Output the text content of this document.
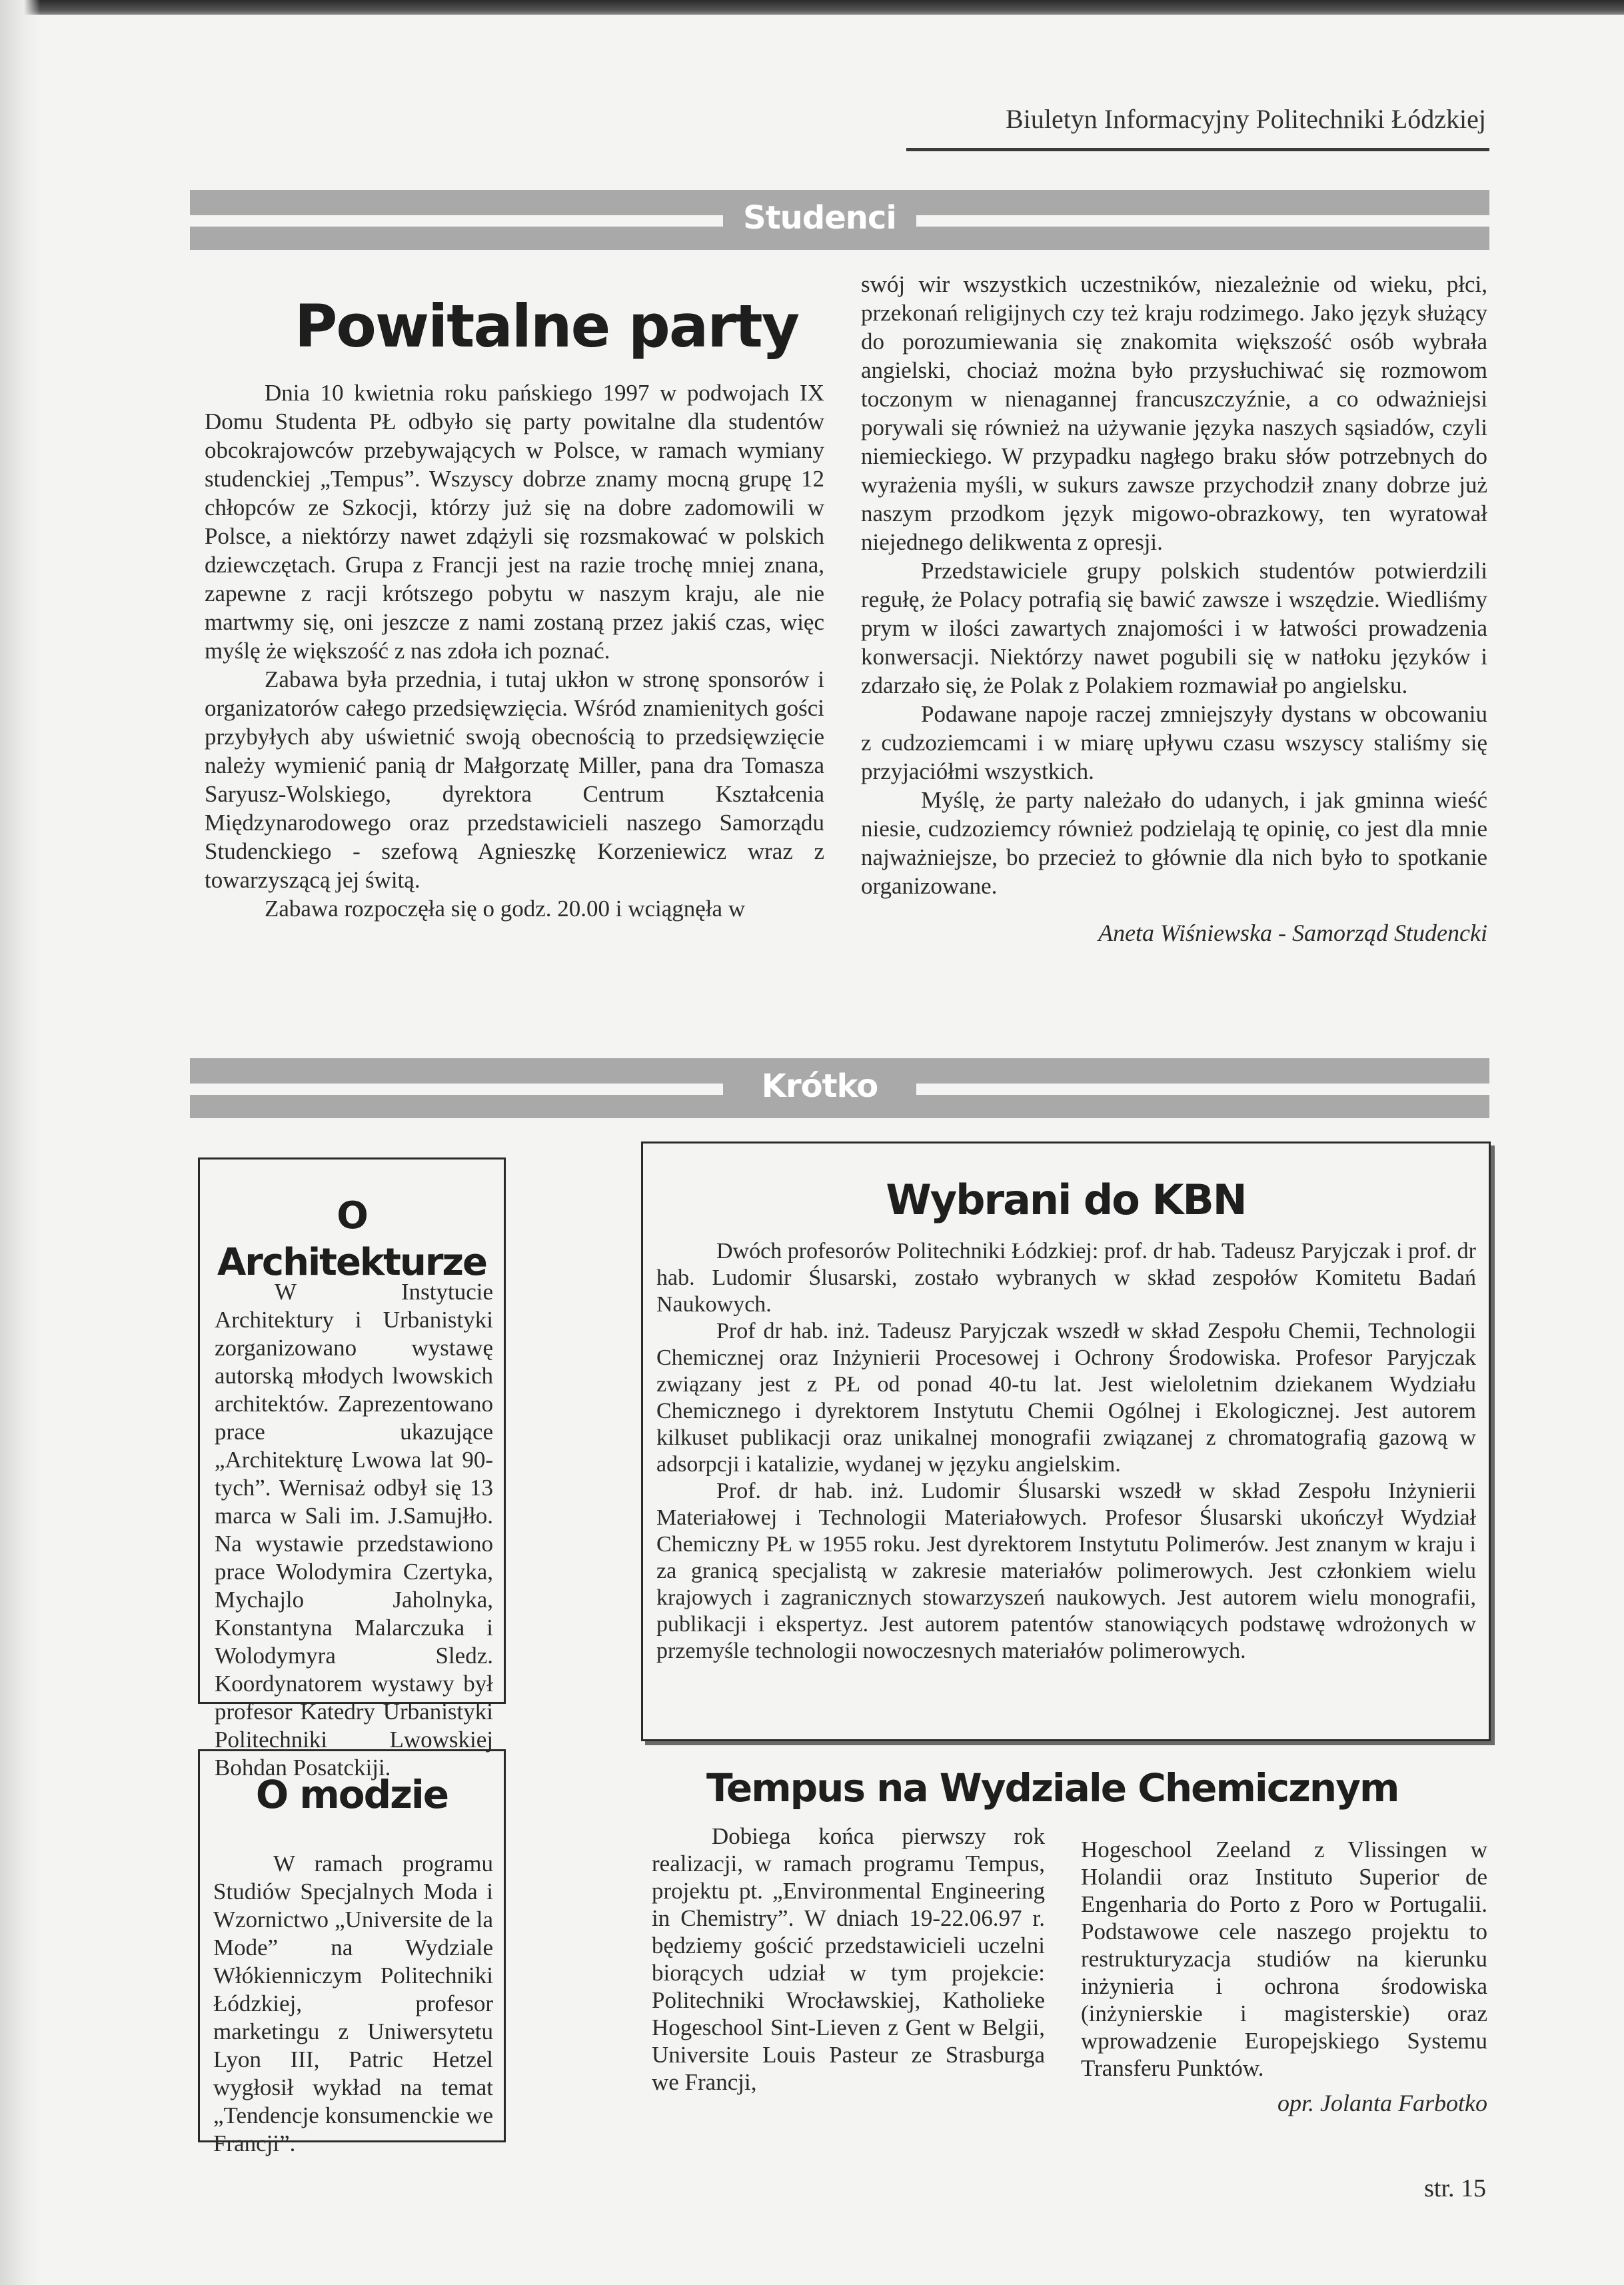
Biuletyn Informacyjny Politechniki Łódzkiej
Studenci
Powitalne party

Dnia 10 kwietnia roku pańskiego 1997 w podwojach IX Domu Studenta PŁ odbyło się party powitalne dla studentów obcokrajowców przebywających w Polsce, w ramach wymiany studenckiej „Tempus”. Wszyscy dobrze znamy mocną grupę 12 chłopców ze Szkocji, którzy już się na dobre zadomowili w Polsce, a niektórzy nawet zdążyli się rozsmakować w polskich dziewczętach. Grupa z Francji jest na razie trochę mniej znana, zapewne z racji krótszego pobytu w naszym kraju, ale nie martwmy się, oni jeszcze z nami zostaną przez jakiś czas, więc myślę że większość z nas zdoła ich poznać.

Zabawa była przednia, i tutaj ukłon w stronę sponsorów i organizatorów całego przedsięwzięcia. Wśród znamienitych gości przybyłych aby uświetnić swoją obecnością to przedsięwzięcie należy wymienić panią dr Małgorzatę Miller, pana dra Tomasza Saryusz-Wolskiego, dyrektora Centrum Kształcenia Międzynarodowego oraz przedstawicieli naszego Samorządu Studenckiego - szefową Agnieszkę Korzeniewicz wraz z towarzyszącą jej świtą.

Zabawa rozpoczęła się o godz. 20.00 i wciągnęła w

swój wir wszystkich uczestników, niezależnie od wieku, płci, przekonań religijnych czy też kraju rodzimego. Jako język służący do porozumiewania się znakomita większość osób wybrała angielski, chociaż można było przysłuchiwać się rozmowom toczonym w nienagannej francuszczyźnie, a co odważniejsi porywali się również na używanie języka naszych sąsiadów, czyli niemieckiego. W przypadku nagłego braku słów potrzebnych do wyrażenia myśli, w sukurs zawsze przychodził znany dobrze już naszym przodkom język migowo-obrazkowy, ten wyratował niejednego delikwenta z opresji.

Przedstawiciele grupy polskich studentów potwierdzili regułę, że Polacy potrafią się bawić zawsze i wszędzie. Wiedliśmy prym w ilości zawartych znajomości i w łatwości prowadzenia konwersacji. Niektórzy nawet pogubili się w natłoku języków i zdarzało się, że Polak z Polakiem rozmawiał po angielsku.

Podawane napoje raczej zmniejszyły dystans w obcowaniu z cudzoziemcami i w miarę upływu czasu wszyscy staliśmy się przyjaciółmi wszystkich.

Myślę, że party należało do udanych, i jak gminna wieść niesie, cudzoziemcy również podzielają tę opinię, co jest dla mnie najważniejsze, bo przecież to głównie dla nich było to spotkanie organizowane.

Aneta Wiśniewska - Samorząd Studencki
Krótko
O Architekturze

W Instytucie Architektury i Urbanistyki zorganizowano wystawę autorską młodych lwowskich architektów. Zaprezentowano prace ukazujące „Architekturę Lwowa lat 90-tych”. Wernisaż odbył się 13 marca w Sali im. J.Samujłło. Na wystawie przedstawiono prace Wolodymira Czertyka, Mychajlo Jaholnyka, Konstantyna Malarczuka i Wolodymyra Sledz. Koordynatorem wystawy był profesor Katedry Urbanistyki Politechniki Lwowskiej Bohdan Posatckiji.

Wybrani do KBN

Dwóch profesorów Politechniki Łódzkiej: prof. dr hab. Tadeusz Paryjczak i prof. dr hab. Ludomir Ślusarski, zostało wybranych w skład zespołów Komitetu Badań Naukowych.

Prof dr hab. inż. Tadeusz Paryjczak wszedł w skład Zespołu Chemii, Technologii Chemicznej oraz Inżynierii Procesowej i Ochrony Środowiska. Profesor Paryjczak związany jest z PŁ od ponad 40-tu lat. Jest wieloletnim dziekanem Wydziału Chemicznego i dyrektorem Instytutu Chemii Ogólnej i Ekologicznej. Jest autorem kilkuset publikacji oraz unikalnej monografii związanej z chromatografią gazową w adsorpcji i katalizie, wydanej w języku angielskim.

Prof. dr hab. inż. Ludomir Ślusarski wszedł w skład Zespołu Inżynierii Materiałowej i Technologii Materiałowych. Profesor Ślusarski ukończył Wydział Chemiczny PŁ w 1955 roku. Jest dyrektorem Instytutu Polimerów. Jest znanym w kraju i za granicą specjalistą w zakresie materiałów polimerowych. Jest członkiem wielu krajowych i zagranicznych stowarzyszeń naukowych. Jest autorem wielu monografii, publikacji i ekspertyz. Jest autorem patentów stanowiących podstawę wdrożonych w przemyśle technologii nowoczesnych materiałów polimerowych.

O modzie

W ramach programu Studiów Specjalnych Moda i Wzornictwo „Universite de la Mode” na Wydziale Włókienniczym Politechniki Łódzkiej, profesor marketingu z Uniwersytetu Lyon III, Patric Hetzel wygłosił wykład na temat „Tendencje konsumenckie we Francji”.

Tempus na Wydziale Chemicznym

Dobiega końca pierwszy rok realizacji, w ramach programu Tempus, projektu pt. „Environmental Engineering in Chemistry”. W dniach 19-22.06.97 r. będziemy gościć przedstawicieli uczelni biorących udział w tym projekcie: Politechniki Wrocławskiej, Katholieke Hogeschool Sint-Lieven z Gent w Belgii, Universite Louis Pasteur ze Strasburga we Francji,

Hogeschool Zeeland z Vlissingen w Holandii oraz Instituto Superior de Engenharia do Porto z Poro w Portugalii. Podstawowe cele naszego projektu to restrukturyzacja studiów na kierunku inżynieria i ochrona środowiska (inżynierskie i magisterskie) oraz wprowadzenie Europejskiego Systemu Transferu Punktów.

opr. Jolanta Farbotko
str. 15
